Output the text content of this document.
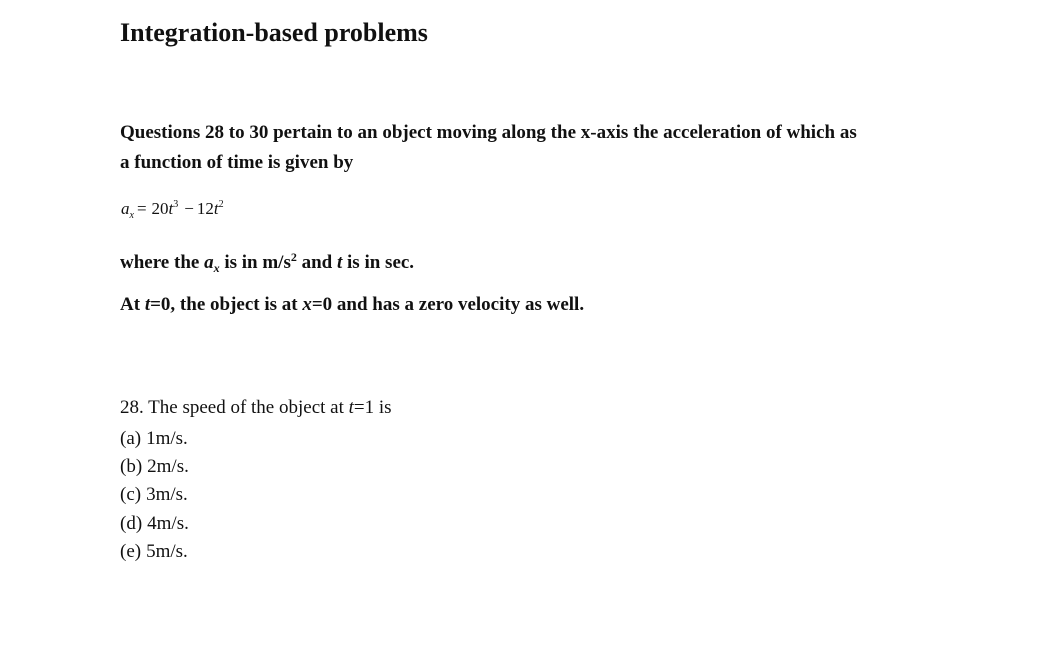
Integration-based problems
Questions 28 to 30 pertain to an object moving along the x-axis the acceleration of which as
a function of time is given by
$a_x = 20t^3 - 12t^2$
where the $a_x$ is in $m/s^2$ and t is in sec.
At t=0, the object is at x=0 and has a zero velocity as well.
28. The speed of the object at t=1 is
(a) 1m/s.
(b) 2m/s.
(c) 3m/s.
(d) 4m/s.
(e) 5m/s.
